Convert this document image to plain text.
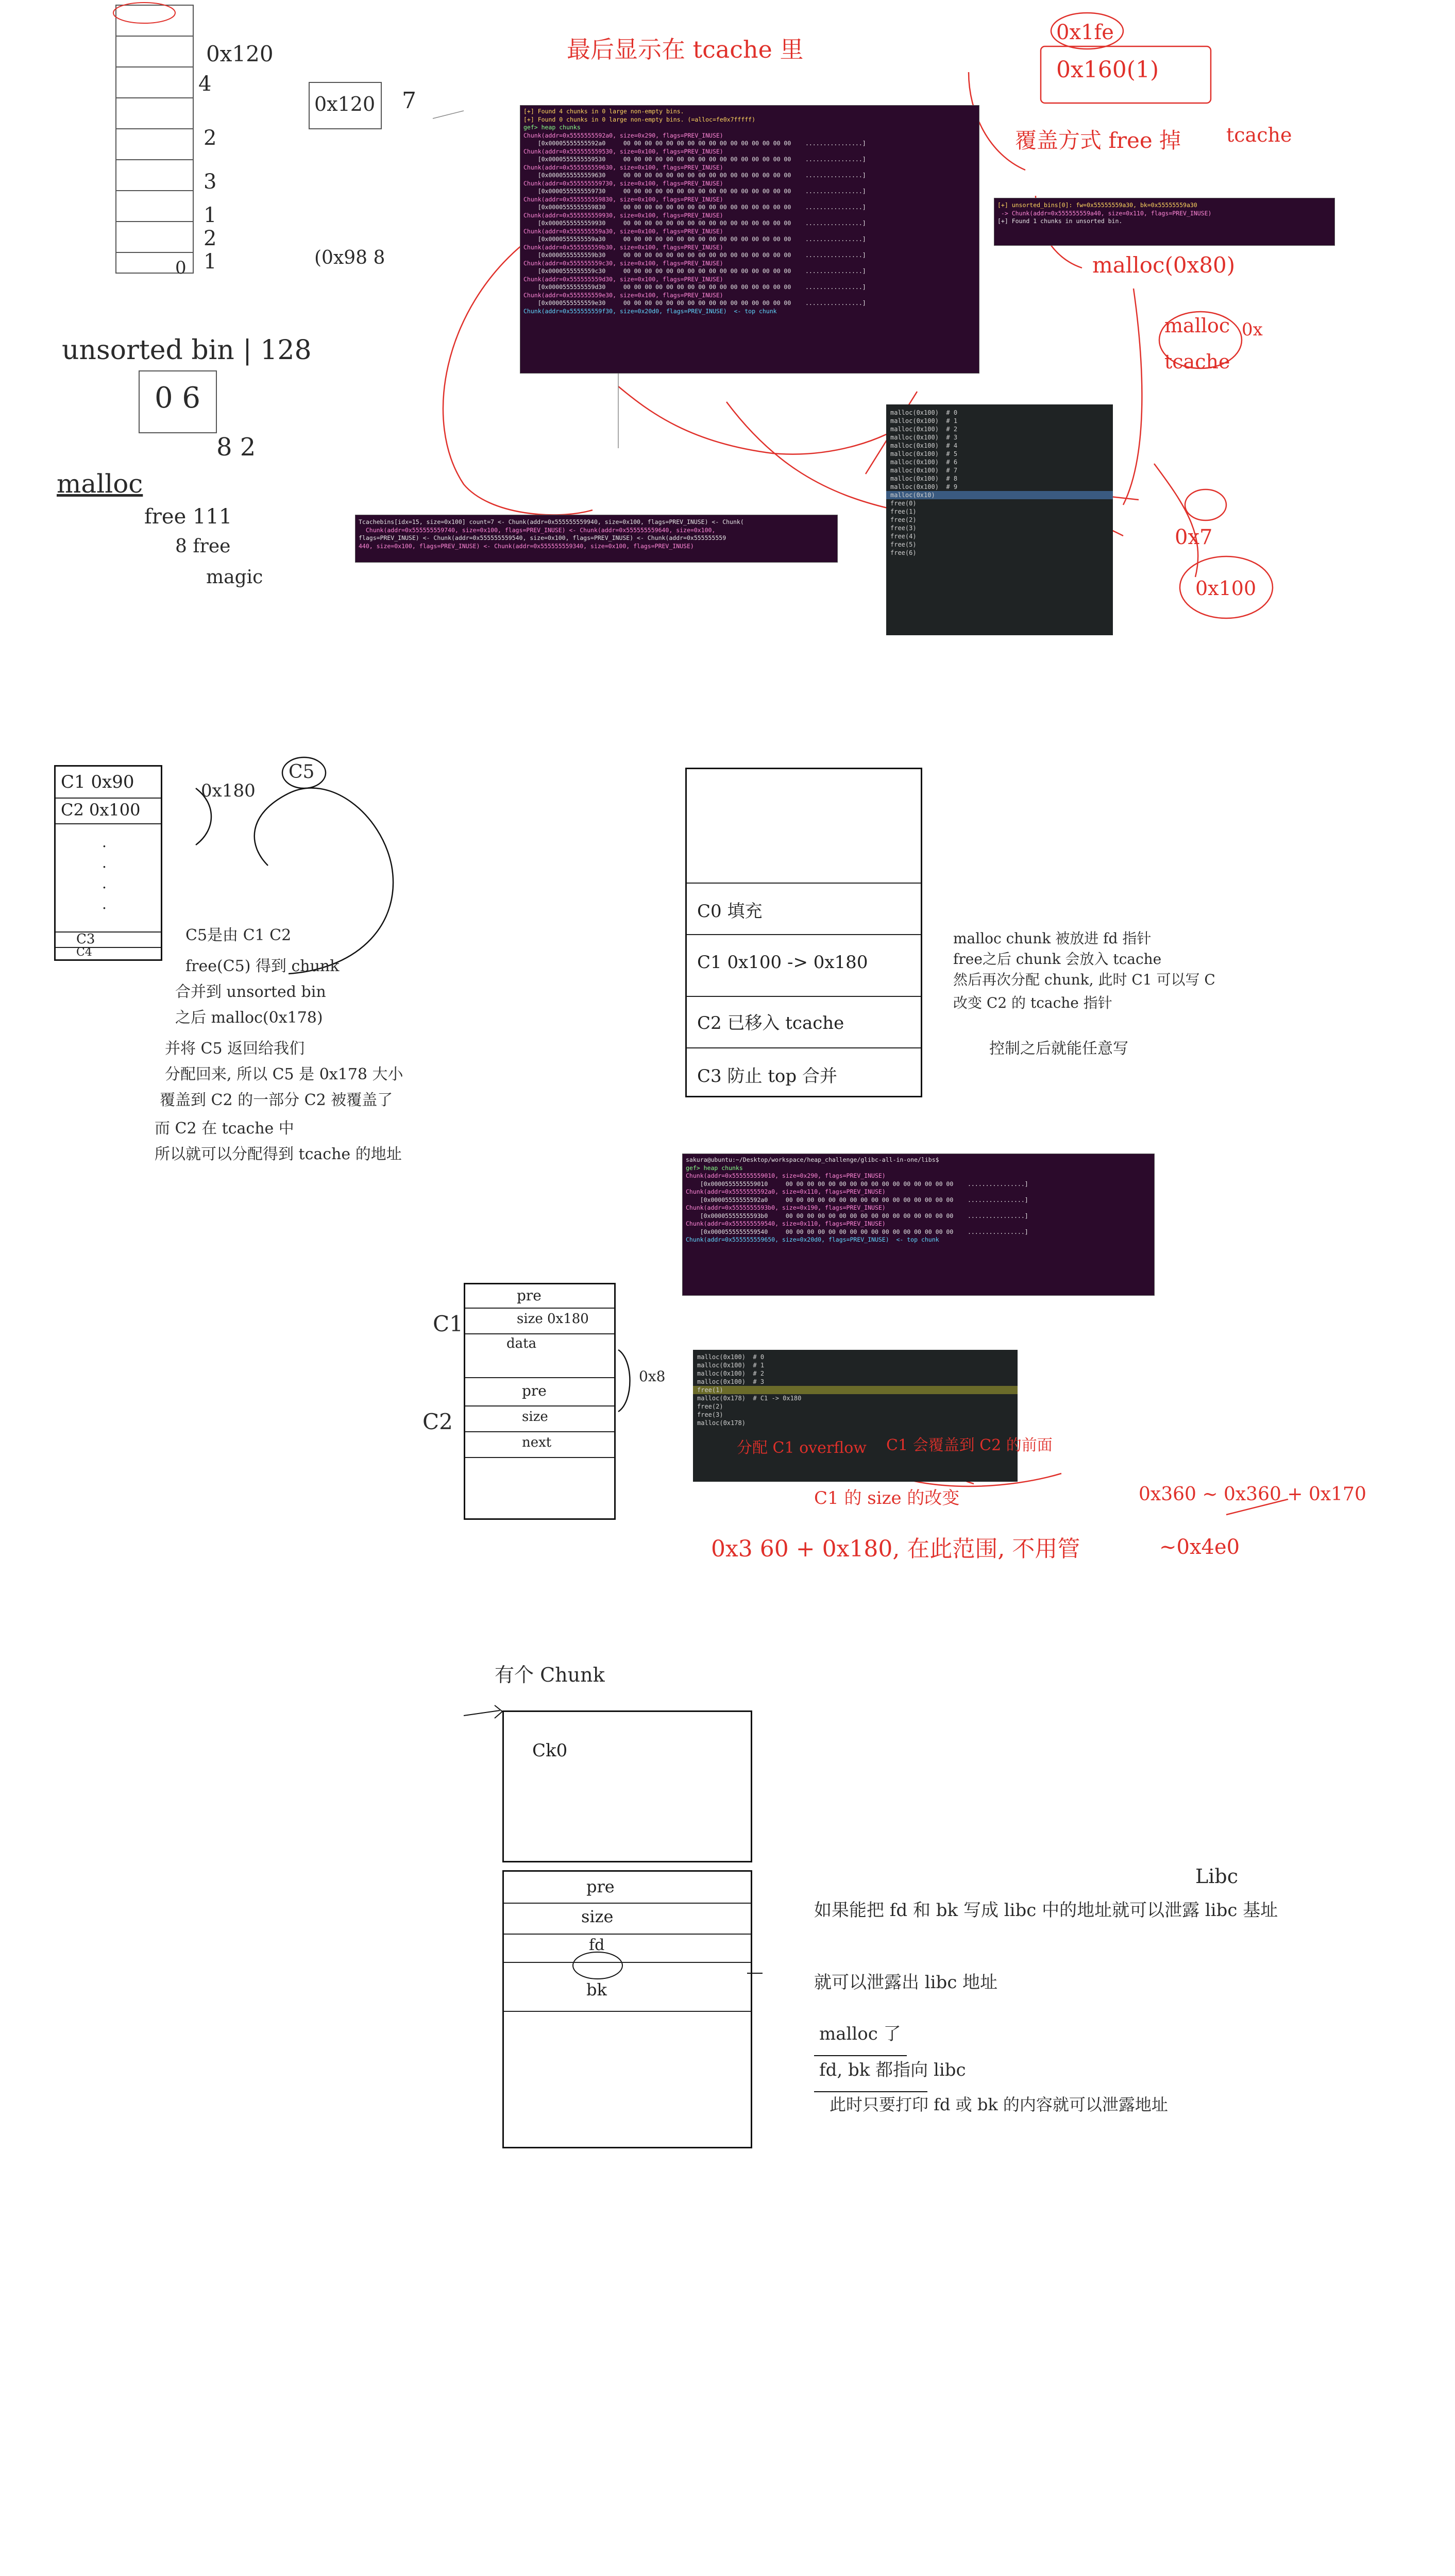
0x120
4
2
3
1
2
1
0
0x120 7
(0x98 8
unsorted bin | 128
0 6
8 2
malloc
free 111
8 free
magic
最后显示在 tcache 里
0x1fe
0x160(1)
覆盖方式 free 掉 tcache
malloc(0x80)
malloc 0x
tcache
0x7
0x100
[+] Found 4 chunks in 0 large non-empty bins.
[+] Found 0 chunks in 0 large non-empty bins. (=alloc=fe0x7fffff)
gef> heap chunks
Chunk(addr=0x5555555592a0, size=0x290, flags=PREV_INUSE)
[0x00005555555592a0     00 00 00 00 00 00 00 00 00 00 00 00 00 00 00 00    ................]
Chunk(addr=0x555555559530, size=0x100, flags=PREV_INUSE)
[0x0000555555559530     00 00 00 00 00 00 00 00 00 00 00 00 00 00 00 00    ................]
Chunk(addr=0x555555559630, size=0x100, flags=PREV_INUSE)
[0x0000555555559630     00 00 00 00 00 00 00 00 00 00 00 00 00 00 00 00    ................]
Chunk(addr=0x555555559730, size=0x100, flags=PREV_INUSE)
[0x0000555555559730     00 00 00 00 00 00 00 00 00 00 00 00 00 00 00 00    ................]
Chunk(addr=0x555555559830, size=0x100, flags=PREV_INUSE)
[0x0000555555559830     00 00 00 00 00 00 00 00 00 00 00 00 00 00 00 00    ................]
Chunk(addr=0x555555559930, size=0x100, flags=PREV_INUSE)
[0x0000555555559930     00 00 00 00 00 00 00 00 00 00 00 00 00 00 00 00    ................]
Chunk(addr=0x555555559a30, size=0x100, flags=PREV_INUSE)
[0x0000555555559a30     00 00 00 00 00 00 00 00 00 00 00 00 00 00 00 00    ................]
Chunk(addr=0x555555559b30, size=0x100, flags=PREV_INUSE)
[0x0000555555559b30     00 00 00 00 00 00 00 00 00 00 00 00 00 00 00 00    ................]
Chunk(addr=0x555555559c30, size=0x100, flags=PREV_INUSE)
[0x0000555555559c30     00 00 00 00 00 00 00 00 00 00 00 00 00 00 00 00    ................]
Chunk(addr=0x555555559d30, size=0x100, flags=PREV_INUSE)
[0x0000555555559d30     00 00 00 00 00 00 00 00 00 00 00 00 00 00 00 00    ................]
Chunk(addr=0x555555559e30, size=0x100, flags=PREV_INUSE)
[0x0000555555559e30     00 00 00 00 00 00 00 00 00 00 00 00 00 00 00 00    ................]
Chunk(addr=0x555555559f30, size=0x20d0, flags=PREV_INUSE)  <- top chunk
[+] unsorted_bins[0]: fw=0x55555559a30, bk=0x55555559a30
-> Chunk(addr=0x555555559a40, size=0x110, flags=PREV_INUSE)
[+] Found 1 chunks in unsorted bin.
Tcachebins[idx=15, size=0x100] count=7 <- Chunk(addr=0x555555559940, size=0x100, flags=PREV_INUSE) <- Chunk(
Chunk(addr=0x555555559740, size=0x100, flags=PREV_INUSE) <- Chunk(addr=0x555555559640, size=0x100,
flags=PREV_INUSE) <- Chunk(addr=0x555555559540, size=0x100, flags=PREV_INUSE) <- Chunk(addr=0x555555559
440, size=0x100, flags=PREV_INUSE) <- Chunk(addr=0x555555559340, size=0x100, flags=PREV_INUSE)
malloc(0x100)  # 0
malloc(0x100)  # 1
malloc(0x100)  # 2
malloc(0x100)  # 3
malloc(0x100)  # 4
malloc(0x100)  # 5
malloc(0x100)  # 6
malloc(0x100)  # 7
malloc(0x100)  # 8
malloc(0x100)  # 9
malloc(0x10)
free(0)
free(1)
free(2)
free(3)
free(4)
free(5)
free(6)
C1 0x90
C2 0x100
.
.
.
.
C3
C4
0x180
C5
C5是由 C1 C2
free(C5) 得到 chunk
合并到 unsorted bin
之后 malloc(0x178)
并将 C5 返回给我们
分配回来, 所以 C5 是 0x178 大小
覆盖到 C2 的一部分 C2 被覆盖了
而 C2 在 tcache 中
所以就可以分配得到 tcache 的地址
C0 填充
C1 0x100 -> 0x180
C2 已移入 tcache
C3 防止 top 合并
malloc chunk 被放进 fd 指针
free之后 chunk 会放入 tcache
然后再次分配 chunk, 此时 C1 可以写 C
改变 C2 的 tcache 指针
控制之后就能任意写
pre
size 0x180
data
pre
size
next
C1
C2
0x8
sakura@ubuntu:~/Desktop/workspace/heap_challenge/glibc-all-in-one/libs$
gef> heap chunks
Chunk(addr=0x555555559010, size=0x290, flags=PREV_INUSE)
[0x0000555555559010     00 00 00 00 00 00 00 00 00 00 00 00 00 00 00 00    ................]
Chunk(addr=0x5555555592a0, size=0x110, flags=PREV_INUSE)
[0x00005555555592a0     00 00 00 00 00 00 00 00 00 00 00 00 00 00 00 00    ................]
Chunk(addr=0x5555555593b0, size=0x190, flags=PREV_INUSE)
[0x00005555555593b0     00 00 00 00 00 00 00 00 00 00 00 00 00 00 00 00    ................]
Chunk(addr=0x555555559540, size=0x110, flags=PREV_INUSE)
[0x0000555555559540     00 00 00 00 00 00 00 00 00 00 00 00 00 00 00 00    ................]
Chunk(addr=0x555555559650, size=0x20d0, flags=PREV_INUSE)  <- top chunk
malloc(0x100)  # 0
malloc(0x100)  # 1
malloc(0x100)  # 2
malloc(0x100)  # 3
free(1)
malloc(0x178)  # C1 -> 0x180
free(2)
free(3)
malloc(0x178)
分配 C1 overflow C1 会覆盖到 C2 的前面
C1 的 size 的改变	0x360 ~ 0x360 + 0x170
0x3 60 + 0x180, 在此范围, 不用管	~0x4e0
有个 Chunk
Ck0
pre
size
fd
bk
Libc
如果能把 fd 和 bk 写成 libc 中的地址就可以泄露 libc 基址
就可以泄露出 libc 地址
malloc 了
fd, bk 都指向 libc
此时只要打印 fd 或 bk 的内容就可以泄露地址
